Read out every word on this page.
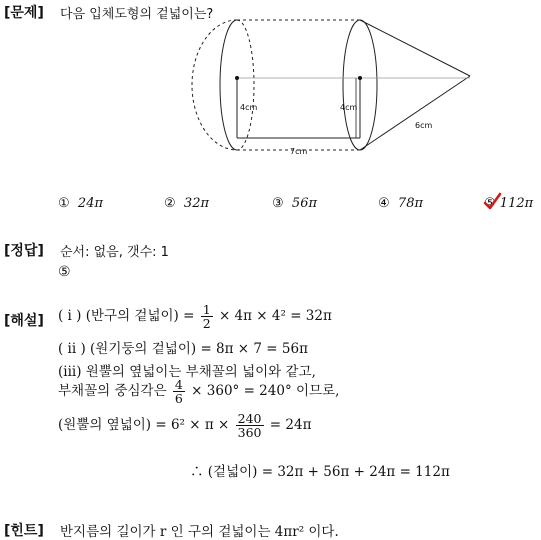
[문제] 다음 입체도형의 겉넓이는?
4cm	4cm
7cm
6cm
① 24π	② 32π	③ 56π	④ 78π	⑤ 112π
[정답] 순서: 없음, 갯수: 1
⑤
[해설] ( i ) (반구의 겉넓이) = $\frac{1}{2} \times 4\pi \times 4^2 = 32\pi$
( ii ) (원기둥의 겉넓이) = 8π × 7 = 56π
(iii) 원뿔의 옆넓이는 부채꼴의 넓이와 같고,
부채꼴의 중심각은 $\frac{4}{6} \times 360^\circ = 240^\circ$ 이므로,
(원뿔의 옆넓이) = $6^2 \times \pi \times \frac{240}{360} = 24\pi$
∴ (겉넓이) = 32π + 56π + 24π = 112π
[힌트] 반지름의 길이가 r 인 구의 겉넓이는 4πr² 이다.
